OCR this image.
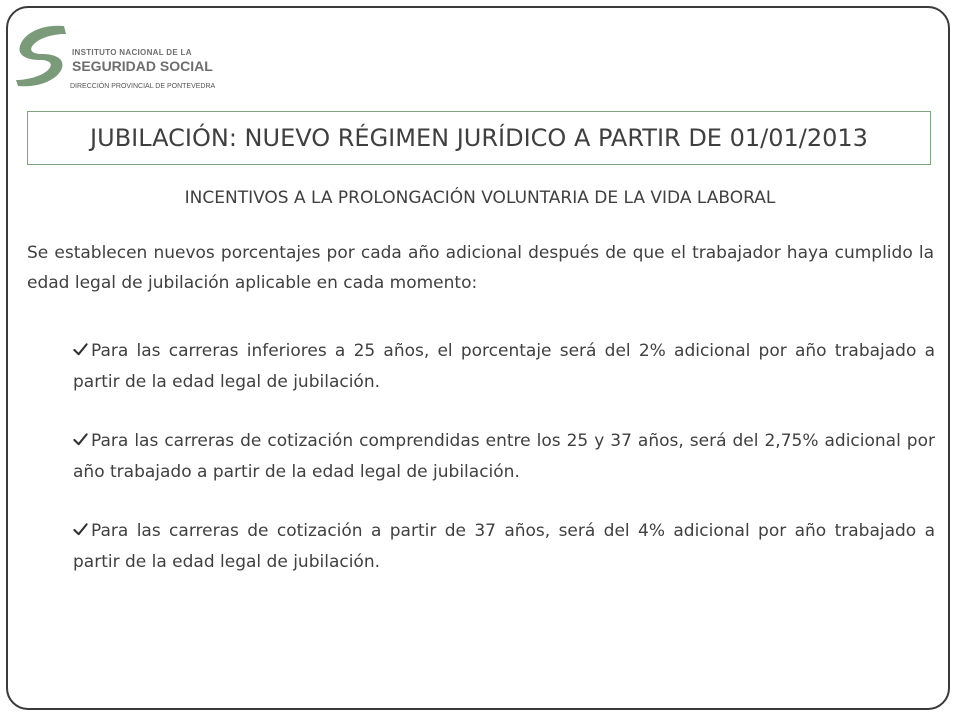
INSTITUTO NACIONAL DE LA
SEGURIDAD SOCIAL
DIRECCIÓN PROVINCIAL DE PONTEVEDRA
JUBILACIÓN: NUEVO RÉGIMEN JURÍDICO A PARTIR DE 01/01/2013
INCENTIVOS A LA PROLONGACIÓN VOLUNTARIA DE LA VIDA LABORAL
Se establecen nuevos porcentajes por cada año adicional después de que el trabajador haya cumplido la edad legal de jubilación aplicable en cada momento:
Para las carreras inferiores a 25 años, el porcentaje será del 2% adicional por año trabajado a partir de la edad legal de jubilación.
Para las carreras de cotización comprendidas entre los 25 y 37 años, será del 2,75% adicional por año trabajado a partir de la edad legal de jubilación.
Para las carreras de cotización a partir de 37 años, será del 4% adicional por año trabajado a partir de la edad legal de jubilación.
